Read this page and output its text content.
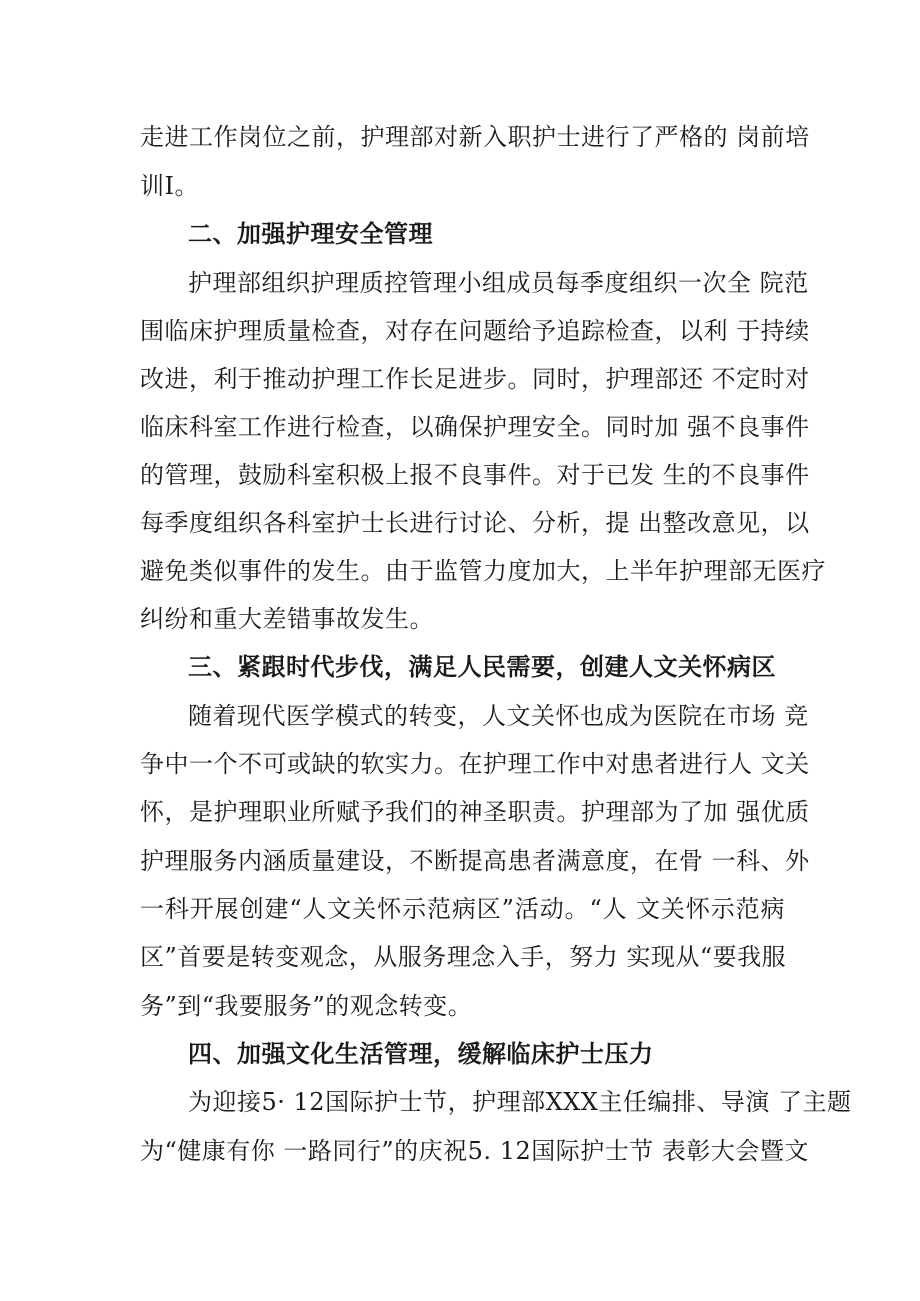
走进工作岗位之前，护理部对新入职护士进行了严格的 岗前培
训I。
二、加强护理安全管理
护理部组织护理质控管理小组成员每季度组织一次全 院范
围临床护理质量检查，对存在问题给予追踪检查，以利 于持续
改进，利于推动护理工作长足进步。同时，护理部还 不定时对
临床科室工作进行检查，以确保护理安全。同时加 强不良事件
的管理，鼓励科室积极上报不良事件。对于已发 生的不良事件
每季度组织各科室护士长进行讨论、分析，提 出整改意见，以
避免类似事件的发生。由于监管力度加大，上半年护理部无医疗
纠纷和重大差错事故发生。
三、紧跟时代步伐，满足人民需要，创建人文关怀病区
随着现代医学模式的转变，人文关怀也成为医院在市场 竞
争中一个不可或缺的软实力。在护理工作中对患者进行人 文关
怀，是护理职业所赋予我们的神圣职责。护理部为了加 强优质
护理服务内涵质量建设，不断提高患者满意度，在骨 一科、外
一科开展创建“人文关怀示范病区”活动。“人 文关怀示范病
区”首要是转变观念，从服务理念入手，努力 实现从“要我服
务”到“我要服务”的观念转变。
四、加强文化生活管理，缓解临床护士压力
为迎接5· 12国际护士节，护理部XXX主任编排、导演 了主题
为“健康有你 一路同行”的庆祝5. 12国际护士节 表彰大会暨文
